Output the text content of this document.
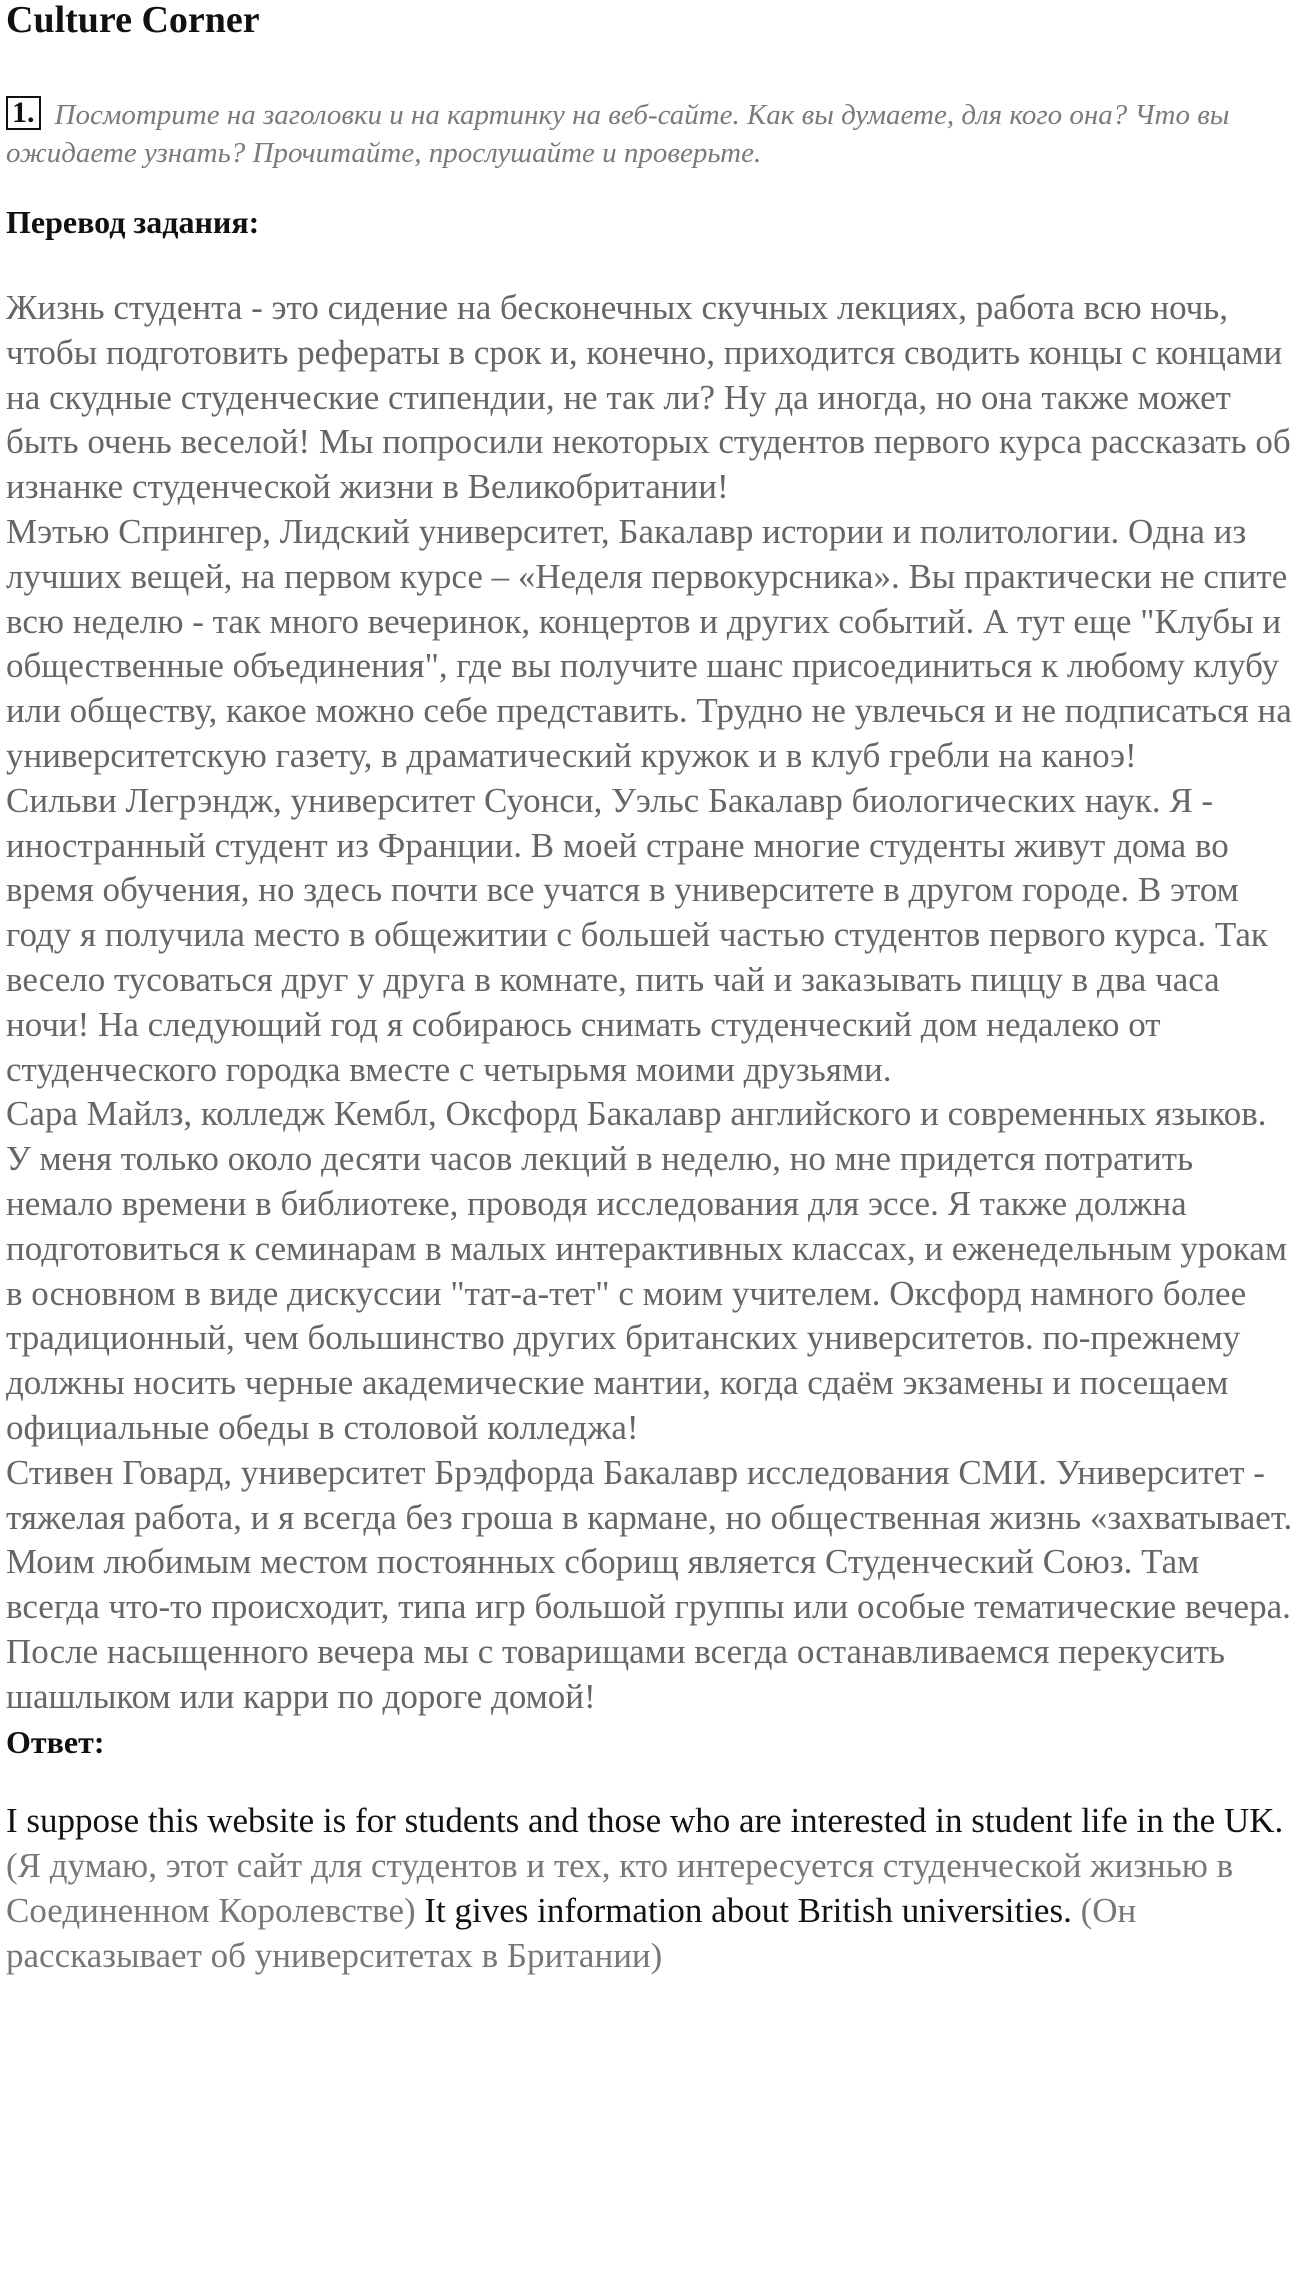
Culture Corner
1. Посмотрите на заголовки и на картинку на веб-сайте. Как вы думаете, для кого она? Что вы ожидаете узнать? Прочитайте, прослушайте и проверьте.
Перевод задания:

Жизнь студента - это сидение на бесконечных скучных лекциях, работа всю ночь, чтобы подготовить рефераты в срок и, конечно, приходится сводить концы с концами на скудные студенческие стипендии, не так ли? Ну да иногда, но она также может быть очень веселой! Мы попросили некоторых студентов первого курса рассказать об изнанке студенческой жизни в Великобритании!

Мэтью Спрингер, Лидский университет, Бакалавр истории и политологии. Одна из лучших вещей, на первом курсе – «Неделя первокурсника». Вы практически не спите всю неделю - так много вечеринок, концертов и других событий. А тут еще "Клубы и общественные объединения", где вы получите шанс присоединиться к любому клубу или обществу, какое можно себе представить. Трудно не увлечься и не подписаться на университетскую газету, в драматический кружок и в клуб гребли на каноэ!

Сильви Легрэндж, университет Суонси, Уэльс Бакалавр биологических наук. Я - иностранный студент из Франции. В моей стране многие студенты живут дома во время обучения, но здесь почти все учатся в университете в другом городе. В этом году я получила место в общежитии с большей частью студентов первого курса. Так весело тусоваться друг у друга в комнате, пить чай и заказывать пиццу в два часа ночи! На следующий год я собираюсь снимать студенческий дом недалеко от студенческого городка вместе с четырьмя моими друзьями.

Сара Майлз, колледж Кембл, Оксфорд Бакалавр английского и современных языков.

У меня только около десяти часов лекций в неделю, но мне придется потратить немало времени в библиотеке, проводя исследования для эссе. Я также должна подготовиться к семинарам в малых интерактивных классах, и еженедельным урокам в основном в виде дискуссии "тат-а-тет" с моим учителем. Оксфорд намного более традиционный, чем большинство других британских университетов. по-прежнему должны носить черные академические мантии, когда сдаём экзамены и посещаем официальные обеды в столовой колледжа!

Стивен Говард, университет Брэдфорда Бакалавр исследования СМИ. Университет - тяжелая работа, и я всегда без гроша в кармане, но общественная жизнь «захватывает. Моим любимым местом постоянных сборищ является Студенческий Союз. Там всегда что-то происходит, типа игр большой группы или особые тематические вечера. После насыщенного вечера мы с товарищами всегда останавливаемся перекусить шашлыком или карри по дороге домой!

Ответ:
I suppose this website is for students and those who are interested in student life in the UK. (Я думаю, этот сайт для студентов и тех, кто интересуется студенческой жизнью в Соединенном Королевстве) It gives information about British universities. (Он рассказывает об университетах в Британии)
